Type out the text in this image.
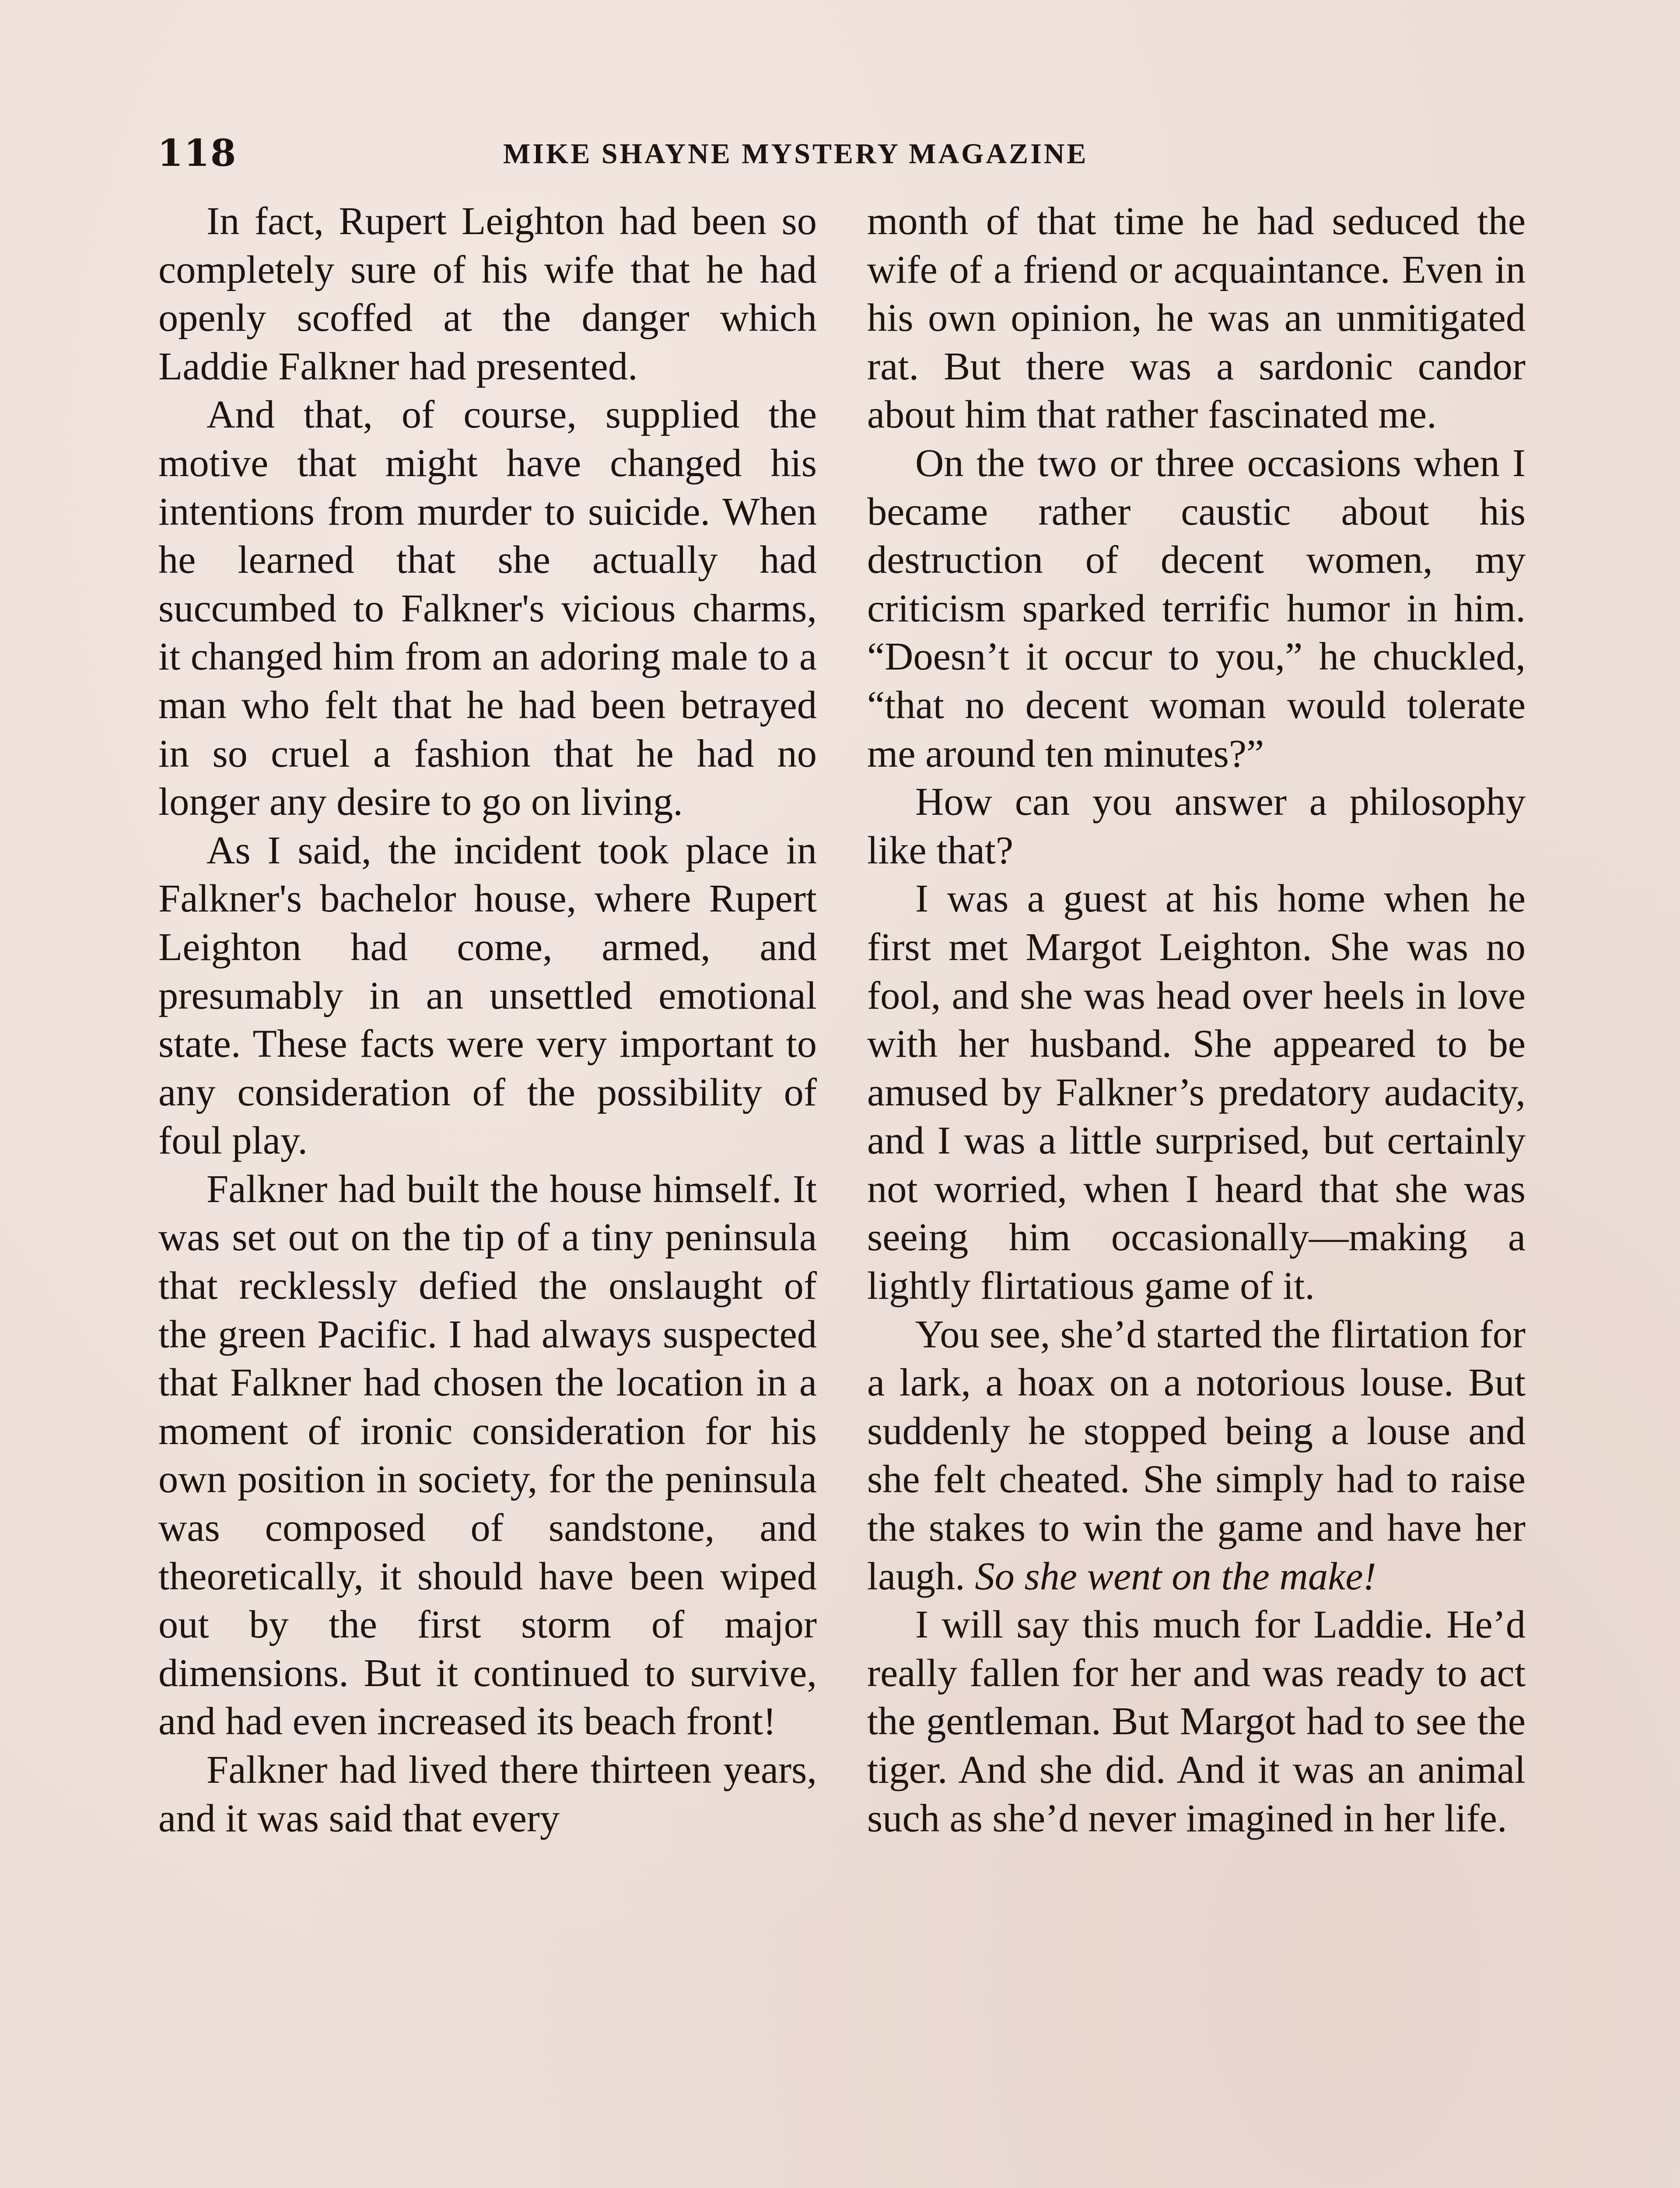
118	MIKE SHAYNE MYSTERY MAGAZINE

In fact, Rupert Leighton had been so completely sure of his wife that he had openly scoffed at the danger which Laddie Falkner had presented.

And that, of course, supplied the motive that might have changed his intentions from murder to suicide. When he learned that she actually had succumbed to Falkner's vicious charms, it changed him from an adoring male to a man who felt that he had been betrayed in so cruel a fashion that he had no longer any desire to go on living.

As I said, the incident took place in Falkner's bachelor house, where Rupert Leighton had come, armed, and presumably in an unsettled emotional state. These facts were very important to any consideration of the possibility of foul play.

Falkner had built the house himself. It was set out on the tip of a tiny peninsula that recklessly defied the onslaught of the green Pacific. I had always suspected that Falkner had chosen the location in a moment of ironic consideration for his own position in society, for the peninsula was composed of sandstone, and theoretically, it should have been wiped out by the first storm of major dimensions. But it continued to survive, and had even increased its beach front!

Falkner had lived there thirteen years, and it was said that every

month of that time he had seduced the wife of a friend or acquaintance. Even in his own opinion, he was an unmitigated rat. But there was a sardonic candor about him that rather fascinated me.

On the two or three occasions when I became rather caustic about his destruction of decent women, my criticism sparked terrific humor in him. “Doesn’t it occur to you,” he chuckled, “that no decent woman would tolerate me around ten minutes?”

How can you answer a philosophy like that?

I was a guest at his home when he first met Margot Leighton. She was no fool, and she was head over heels in love with her husband. She appeared to be amused by Falkner’s predatory audacity, and I was a little surprised, but certainly not worried, when I heard that she was seeing him occasionally—making a lightly flirtatious game of it.

You see, she’d started the flirtation for a lark, a hoax on a notorious louse. But suddenly he stopped being a louse and she felt cheated. She simply had to raise the stakes to win the game and have her laugh. So she went on the make!

I will say this much for Laddie. He’d really fallen for her and was ready to act the gentleman. But Margot had to see the tiger. And she did. And it was an animal such as she’d never imagined in her life.
